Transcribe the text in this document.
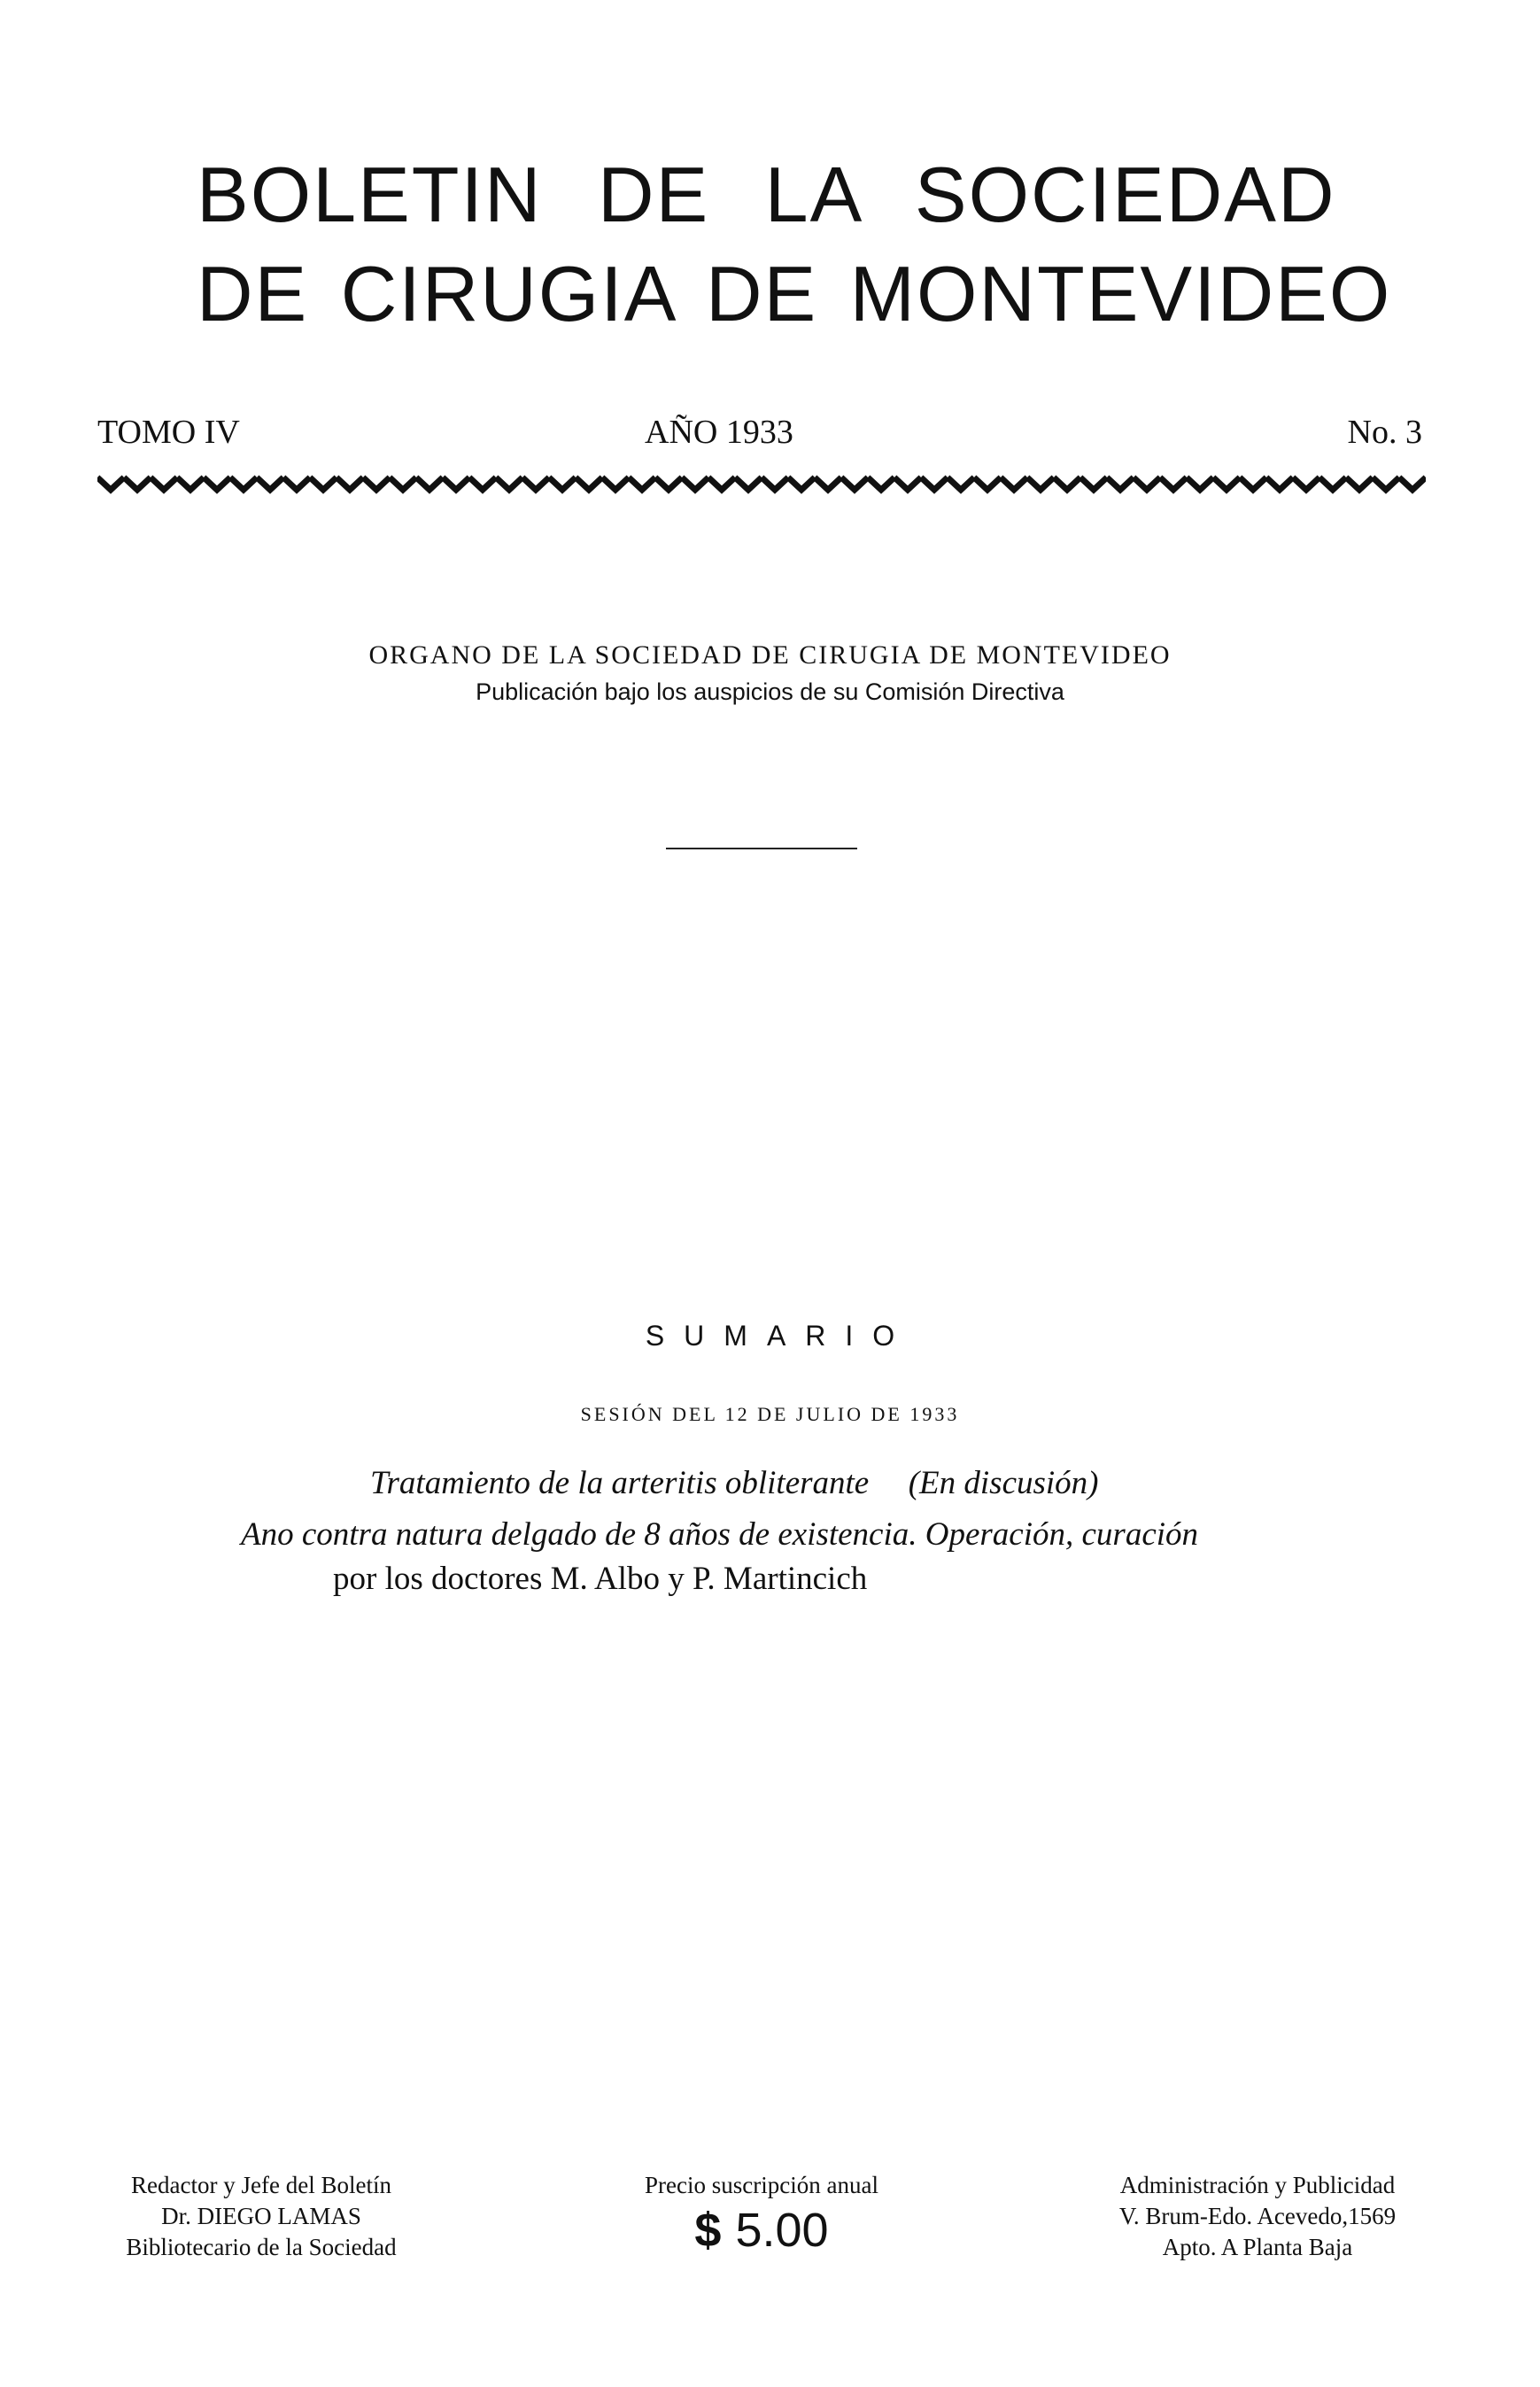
BOLETIN DE LA SOCIEDAD
DE CIRUGIA DE MONTEVIDEO
TOMO IV	AÑO 1933	No. 3
ORGANO DE LA SOCIEDAD DE CIRUGIA DE MONTEVIDEO
Publicación bajo los auspicios de su Comisión Directiva
SUMARIO
SESIÓN DEL 12 DE JULIO DE 1933
Tratamiento de la arteritis obliterante (En discusión)
Ano contra natura delgado de 8 años de existencia. Operación, curación
por los doctores M. Albo y P. Martincich
Redactor y Jefe del Boletín
Dr. DIEGO LAMAS
Bibliotecario de la Sociedad
Precio suscripción anual
$ 5.00
Administración y Publicidad
V. Brum-Edo. Acevedo,1569
Apto. A Planta Baja
